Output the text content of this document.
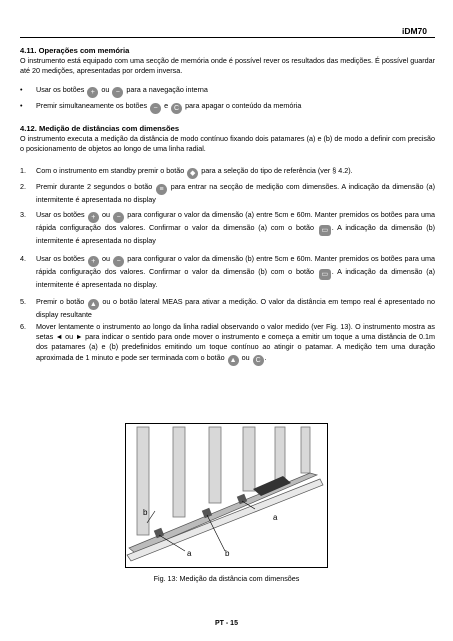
iDM70
4.11. Operações com memória
O instrumento está equipado com uma secção de memória onde é possível rever os resultados das medições. É possível guardar até 20 medições, apresentadas por ordem inversa.
• Usar os botões + ou − para a navegação interna
• Premir simultaneamente os botões − e C para apagar o conteúdo da memória
4.12. Medição de distâncias com dimensões
O instrumento executa a medição da distância de modo contínuo fixando dois patamares (a) e (b) de modo a definir com precisão o posicionamento de objetos ao longo de uma linha radial.
1. Com o instrumento em standby premir o botão ◆ para a seleção do tipo de referência (ver § 4.2).
2. Premir durante 2 segundos o botão ≡ para entrar na secção de medição com dimensões. A indicação da dimensão (a) intermitente é apresentada no display
3. Usar os botões + ou − para configurar o valor da dimensão (a) entre 5cm e 60m. Manter premidos os botões para uma rápida configuração dos valores. Confirmar o valor da dimensão (a) com o botão ▭ . A indicação da dimensão (b) intermitente é apresentada no display
4. Usar os botões + ou − para configurar o valor da dimensão (b) entre 5cm e 60m. Manter premidos os botões para uma rápida configuração dos valores. Confirmar o valor da dimensão (b) com o botão ▭ . A indicação da dimensão (a) intermitente é apresentada no display.
5. Premir o botão ▲ ou o botão lateral MEAS para ativar a medição. O valor da distância em tempo real é apresentado no display resultante
6. Mover lentamente o instrumento ao longo da linha radial observando o valor medido (ver Fig. 13). O instrumento mostra as setas ◄ ou ► para indicar o sentido para onde mover o instrumento e começa a emitir um toque a uma distância de 0.1m dos patamares (a) e (b) predefinidos emitindo um toque contínuo ao atingir o patamar. A medição tem uma duração aproximada de 1 minuto e pode ser terminada com o botão ▲ ou C .
a	b
a
b
Fig. 13: Medição da distância com dimensões
PT - 15
